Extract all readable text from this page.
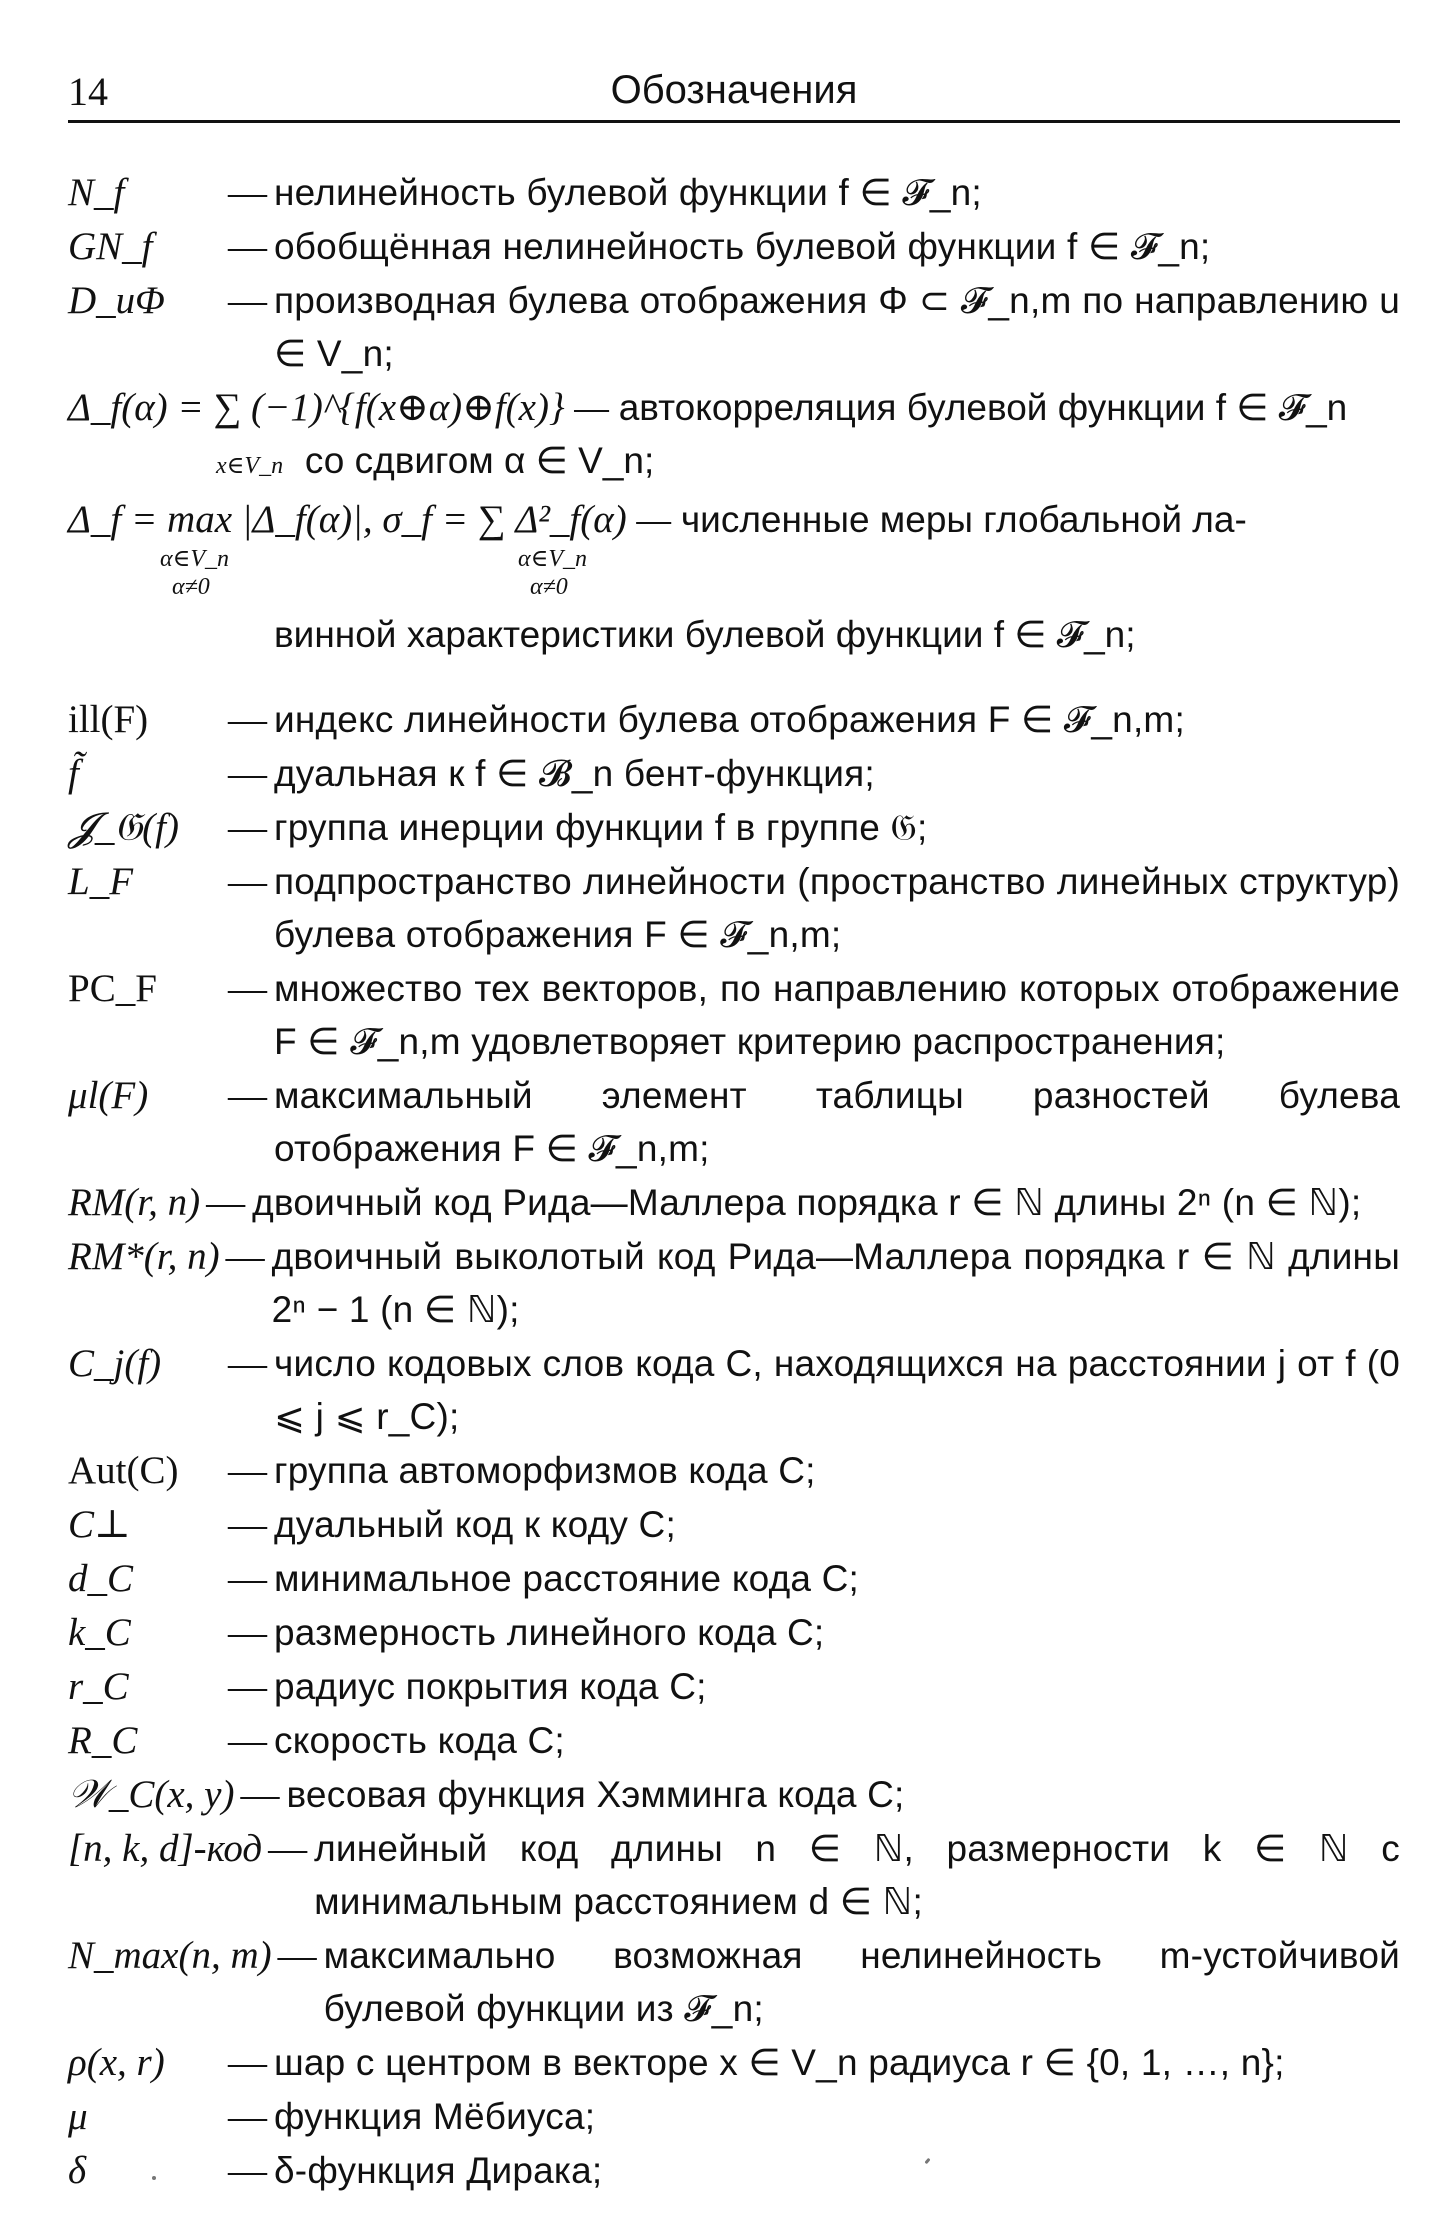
14	Обозначения
N_f	— нелинейность булевой функции f ∈ 𝓕_n;
GN_f	— обобщённая нелинейность булевой функции f ∈ 𝓕_n;
D_uΦ	— производная булева отображения Φ ⊂ 𝓕_n,m по направлению u ∈ V_n;
Δ_f(α) = ∑ (−1)^{f(x⊕α)⊕f(x)} — автокорреляция булевой функции f ∈ 𝓕_n
x∈V_n со сдвигом α ∈ V_n;
Δ_f = max |Δ_f(α)|, σ_f = ∑ Δ²_f(α) — численные меры глобальной ла-
α∈V_n
α≠0
α∈V_n
α≠0
винной характеристики булевой функции f ∈ 𝓕_n;
ill(F)	— индекс линейности булева отображения F ∈ 𝓕_n,m;
f̃	— дуальная к f ∈ 𝓑_n бент-функция;
𝓙_𝔊(f)	— группа инерции функции f в группе 𝔊;
L_F	— подпространство линейности (пространство линейных структур) булева отображения F ∈ 𝓕_n,m;
PC_F	— множество тех векторов, по направлению которых отображение F ∈ 𝓕_n,m удовлетворяет критерию распространения;
μl(F)	— максимальный элемент таблицы разностей булева отображения F ∈ 𝓕_n,m;
RM(r, n) — двоичный код Рида—Маллера порядка r ∈ ℕ длины 2ⁿ (n ∈ ℕ);
RM*(r, n) — двоичный выколотый код Рида—Маллера порядка r ∈ ℕ длины 2ⁿ − 1 (n ∈ ℕ);
C_j(f)	— число кодовых слов кода C, находящихся на расстоянии j от f (0 ⩽ j ⩽ r_C);
Aut(C)	— группа автоморфизмов кода C;
C⊥	— дуальный код к коду C;
d_C	— минимальное расстояние кода C;
k_C	— размерность линейного кода C;
r_C	— радиус покрытия кода C;
R_C	— скорость кода C;
𝒲_C(x, y) — весовая функция Хэмминга кода C;
[n, k, d]-код — линейный код длины n ∈ ℕ, размерности k ∈ ℕ с минимальным расстоянием d ∈ ℕ;
N_max(n, m) — максимально возможная нелинейность m-устойчивой булевой функции из 𝓕_n;
ρ(x, r)	— шар с центром в векторе x ∈ V_n радиуса r ∈ {0, 1, …, n};
μ	— функция Мёбиуса;
δ	— δ-функция Дирака;
